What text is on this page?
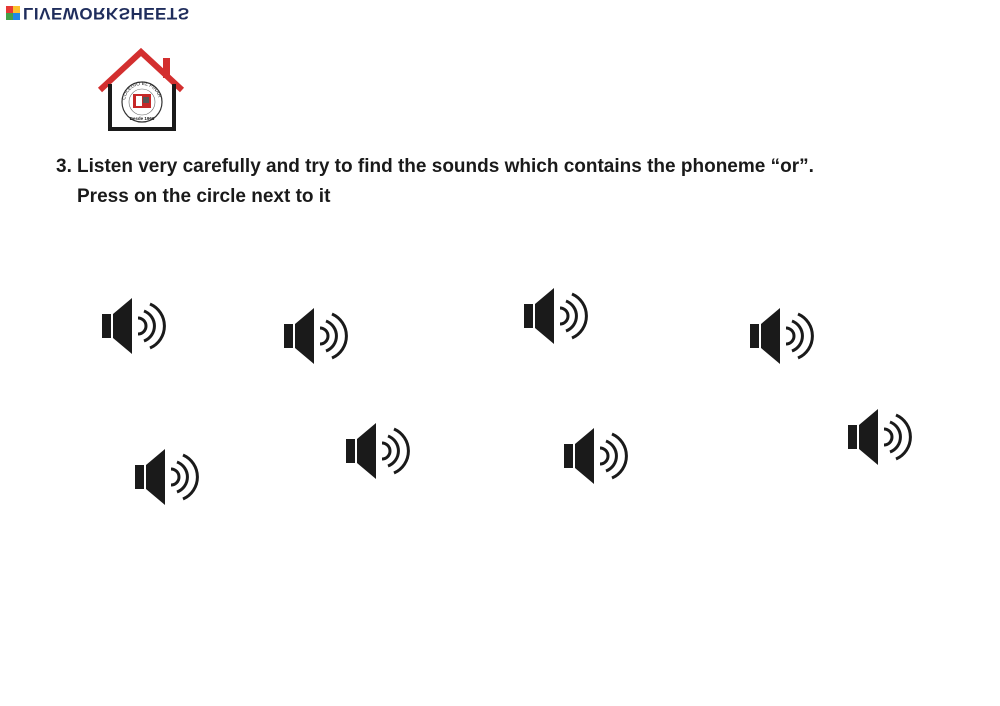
LIVEWORKSHEETS
COLEGIO EL PINAR
Desde 1966
3. Listen very carefully and try to find the sounds which contains the phoneme “or”.
Press on the circle next to it
